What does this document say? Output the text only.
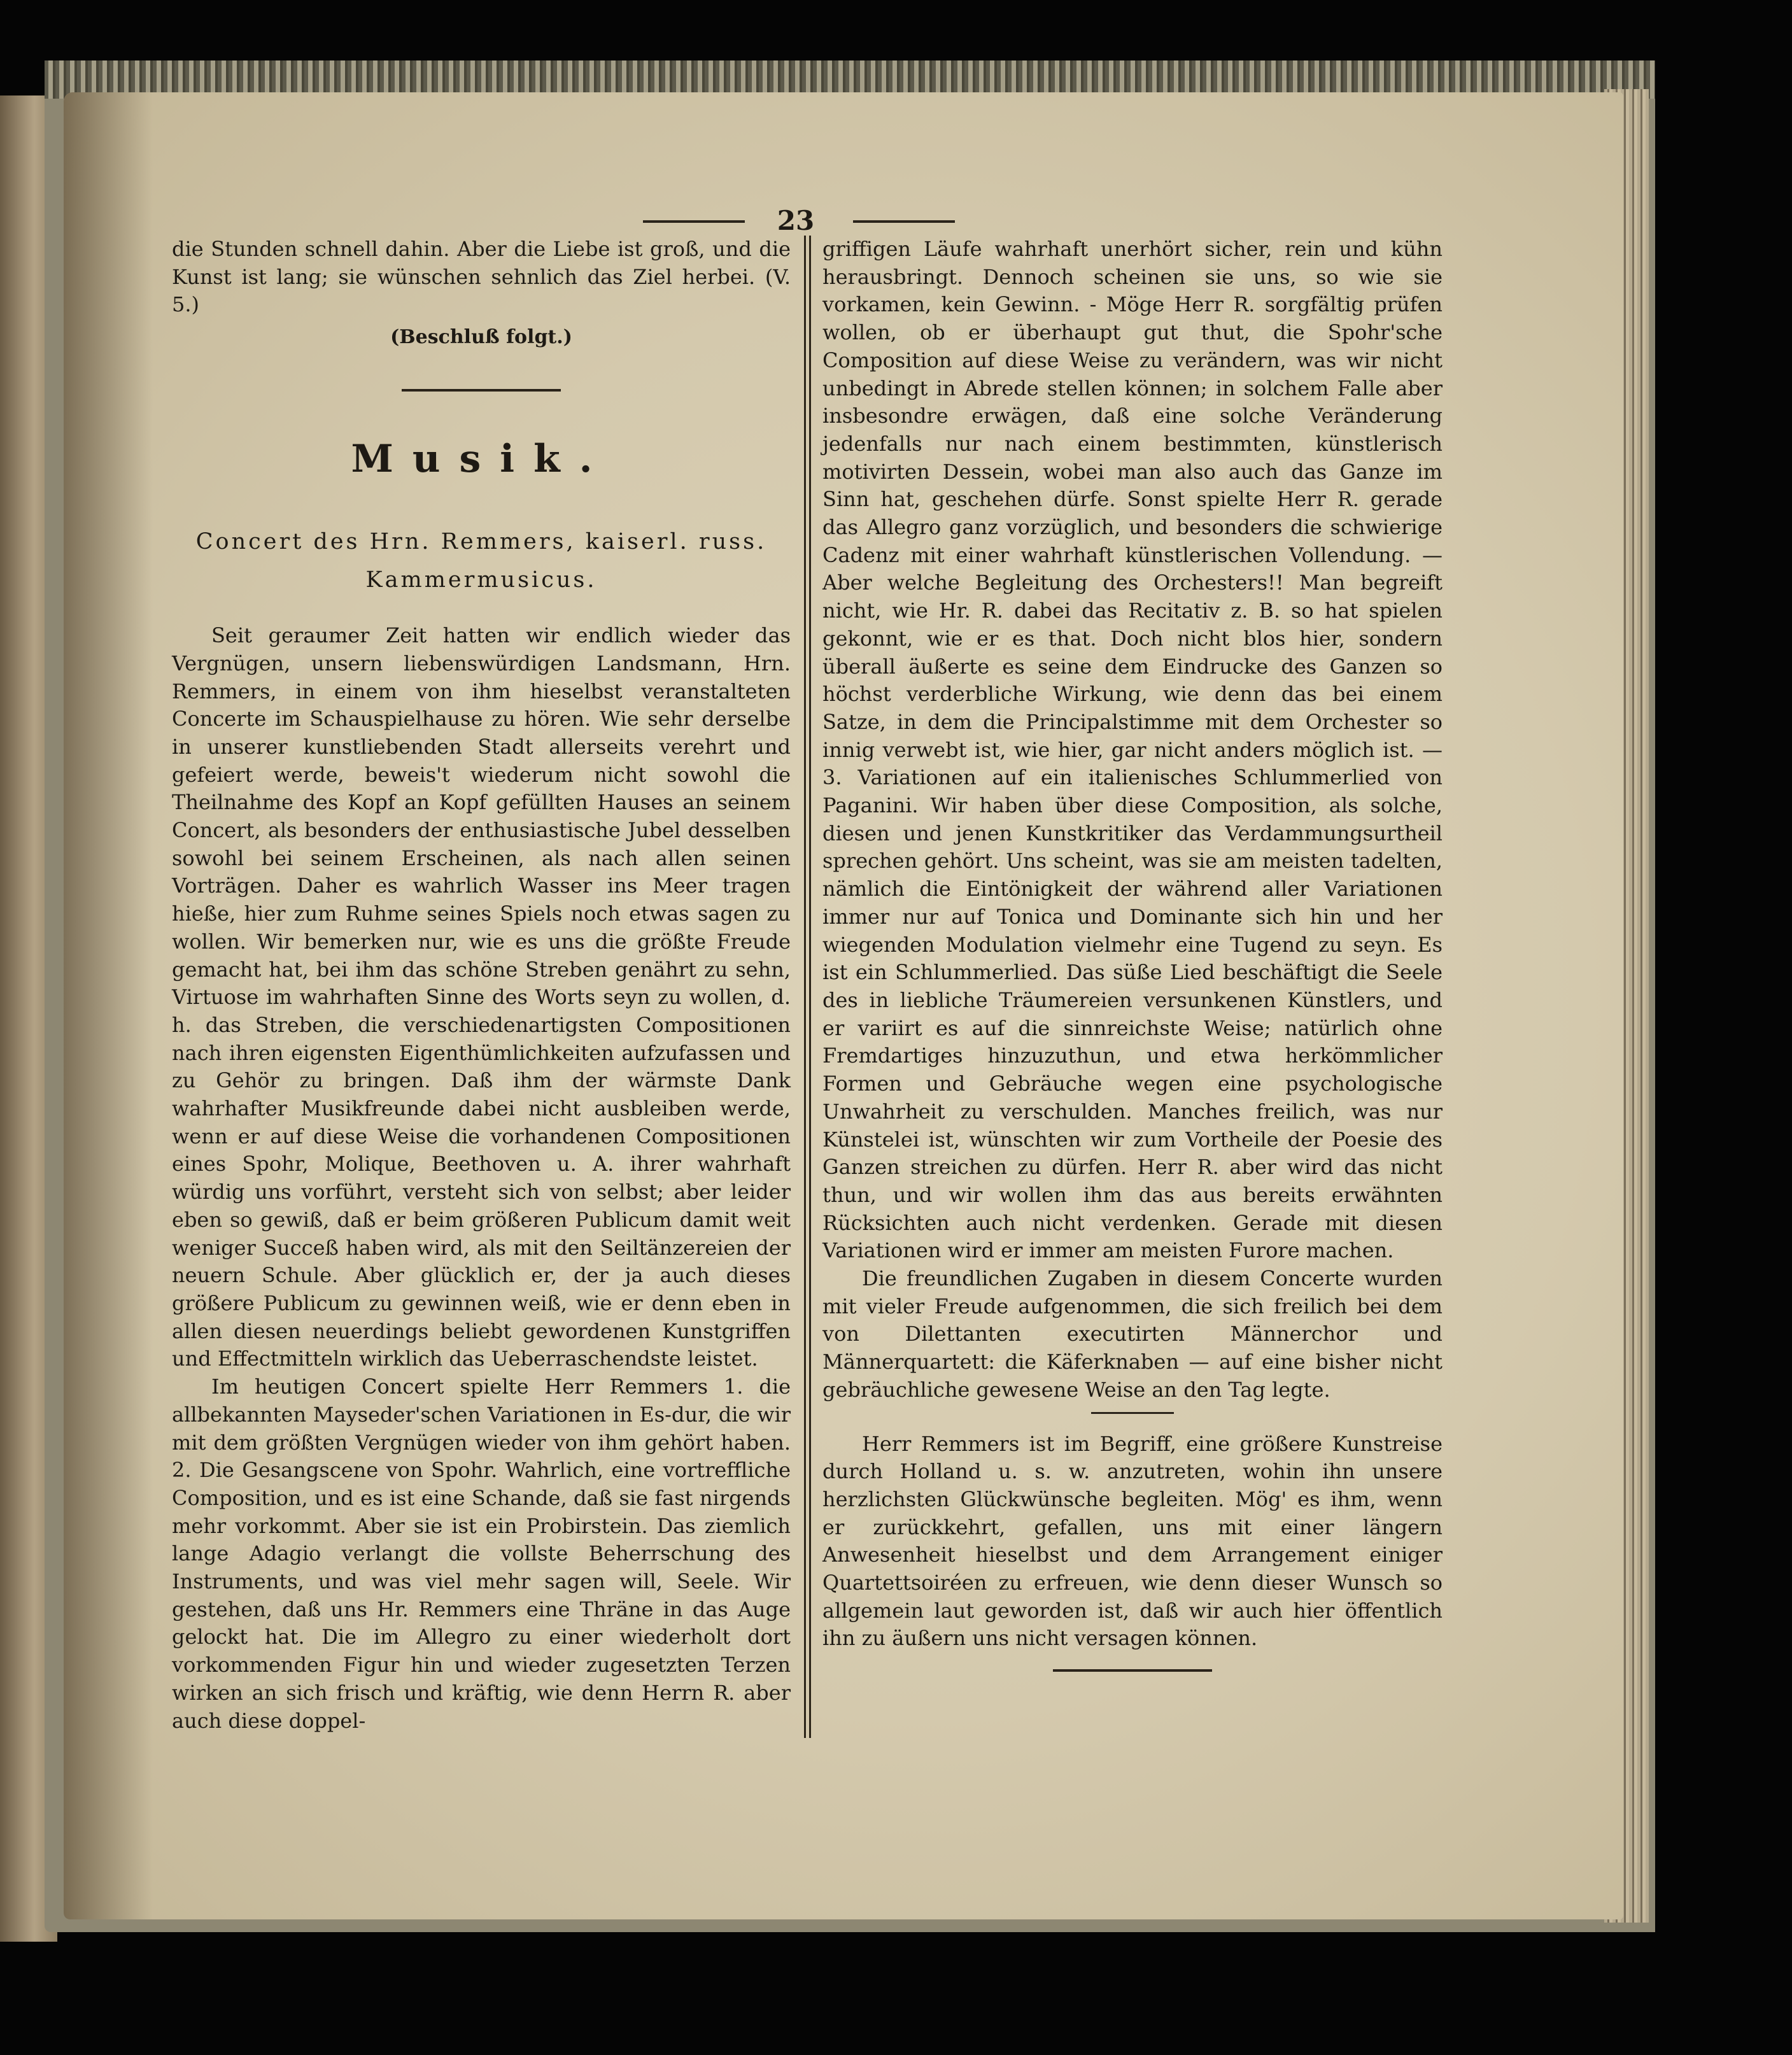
23

die Stunden schnell dahin. Aber die Liebe ist groß, und die Kunst ist lang; sie wünschen sehnlich das Ziel herbei. (V. 5.)

(Beschluß folgt.)

Musik.
Concert des Hrn. Remmers, kaiserl. russ.
Kammermusicus.

Seit geraumer Zeit hatten wir endlich wieder das Vergnügen, unsern liebenswürdigen Landsmann, Hrn. Remmers, in einem von ihm hieselbst veranstalteten Concerte im Schauspielhause zu hören. Wie sehr derselbe in unserer kunstliebenden Stadt allerseits verehrt und gefeiert werde, beweis't wiederum nicht sowohl die Theilnahme des Kopf an Kopf gefüllten Hauses an seinem Concert, als besonders der enthusiastische Jubel desselben sowohl bei seinem Erscheinen, als nach allen seinen Vorträgen. Daher es wahrlich Wasser ins Meer tragen hieße, hier zum Ruhme seines Spiels noch etwas sagen zu wollen. Wir bemerken nur, wie es uns die größte Freude gemacht hat, bei ihm das schöne Streben genährt zu sehn, Virtuose im wahrhaften Sinne des Worts seyn zu wollen, d. h. das Streben, die verschiedenartigsten Compositionen nach ihren eigensten Eigenthümlichkeiten aufzufassen und zu Gehör zu bringen. Daß ihm der wärmste Dank wahrhafter Musikfreunde dabei nicht ausbleiben werde, wenn er auf diese Weise die vorhandenen Compositionen eines Spohr, Molique, Beethoven u. A. ihrer wahrhaft würdig uns vorführt, versteht sich von selbst; aber leider eben so gewiß, daß er beim größeren Publicum damit weit weniger Succeß haben wird, als mit den Seiltänzereien der neuern Schule. Aber glücklich er, der ja auch dieses größere Publicum zu gewinnen weiß, wie er denn eben in allen diesen neuerdings beliebt gewordenen Kunstgriffen und Effectmitteln wirklich das Ueberraschendste leistet.

Im heutigen Concert spielte Herr Remmers 1. die allbekannten Mayseder'schen Variationen in Es-dur, die wir mit dem größten Vergnügen wieder von ihm gehört haben. 2. Die Gesangscene von Spohr. Wahrlich, eine vortreffliche Composition, und es ist eine Schande, daß sie fast nirgends mehr vorkommt. Aber sie ist ein Probirstein. Das ziemlich lange Adagio verlangt die vollste Beherrschung des Instruments, und was viel mehr sagen will, Seele. Wir gestehen, daß uns Hr. Remmers eine Thräne in das Auge gelockt hat. Die im Allegro zu einer wiederholt dort vorkommenden Figur hin und wieder zugesetzten Terzen wirken an sich frisch und kräftig, wie denn Herrn R. aber auch diese doppel-

griffigen Läufe wahrhaft unerhört sicher, rein und kühn herausbringt. Dennoch scheinen sie uns, so wie sie vorkamen, kein Gewinn. - Möge Herr R. sorgfältig prüfen wollen, ob er überhaupt gut thut, die Spohr'sche Composition auf diese Weise zu verändern, was wir nicht unbedingt in Abrede stellen können; in solchem Falle aber insbesondre erwägen, daß eine solche Veränderung jedenfalls nur nach einem bestimmten, künstlerisch motivirten Dessein, wobei man also auch das Ganze im Sinn hat, geschehen dürfe. Sonst spielte Herr R. gerade das Allegro ganz vorzüglich, und besonders die schwierige Cadenz mit einer wahrhaft künstlerischen Vollendung. — Aber welche Begleitung des Orchesters!! Man begreift nicht, wie Hr. R. dabei das Recitativ z. B. so hat spielen gekonnt, wie er es that. Doch nicht blos hier, sondern überall äußerte es seine dem Eindrucke des Ganzen so höchst verderbliche Wirkung, wie denn das bei einem Satze, in dem die Principalstimme mit dem Orchester so innig verwebt ist, wie hier, gar nicht anders möglich ist. — 3. Variationen auf ein italienisches Schlummerlied von Paganini. Wir haben über diese Composition, als solche, diesen und jenen Kunstkritiker das Verdammungsurtheil sprechen gehört. Uns scheint, was sie am meisten tadelten, nämlich die Eintönigkeit der während aller Variationen immer nur auf Tonica und Dominante sich hin und her wiegenden Modulation vielmehr eine Tugend zu seyn. Es ist ein Schlummerlied. Das süße Lied beschäftigt die Seele des in liebliche Träumereien versunkenen Künstlers, und er variirt es auf die sinnreichste Weise; natürlich ohne Fremdartiges hinzuzuthun, und etwa herkömmlicher Formen und Gebräuche wegen eine psychologische Unwahrheit zu verschulden. Manches freilich, was nur Künstelei ist, wünschten wir zum Vortheile der Poesie des Ganzen streichen zu dürfen. Herr R. aber wird das nicht thun, und wir wollen ihm das aus bereits erwähnten Rücksichten auch nicht verdenken. Gerade mit diesen Variationen wird er immer am meisten Furore machen.

Die freundlichen Zugaben in diesem Concerte wurden mit vieler Freude aufgenommen, die sich freilich bei dem von Dilettanten executirten Männerchor und Männerquartett: die Käferknaben — auf eine bisher nicht gebräuchliche gewesene Weise an den Tag legte.

Herr Remmers ist im Begriff, eine größere Kunstreise durch Holland u. s. w. anzutreten, wohin ihn unsere herzlichsten Glückwünsche begleiten. Mög' es ihm, wenn er zurückkehrt, gefallen, uns mit einer längern Anwesenheit hieselbst und dem Arrangement einiger Quartettsoiréen zu erfreuen, wie denn dieser Wunsch so allgemein laut geworden ist, daß wir auch hier öffentlich ihn zu äußern uns nicht versagen können.
